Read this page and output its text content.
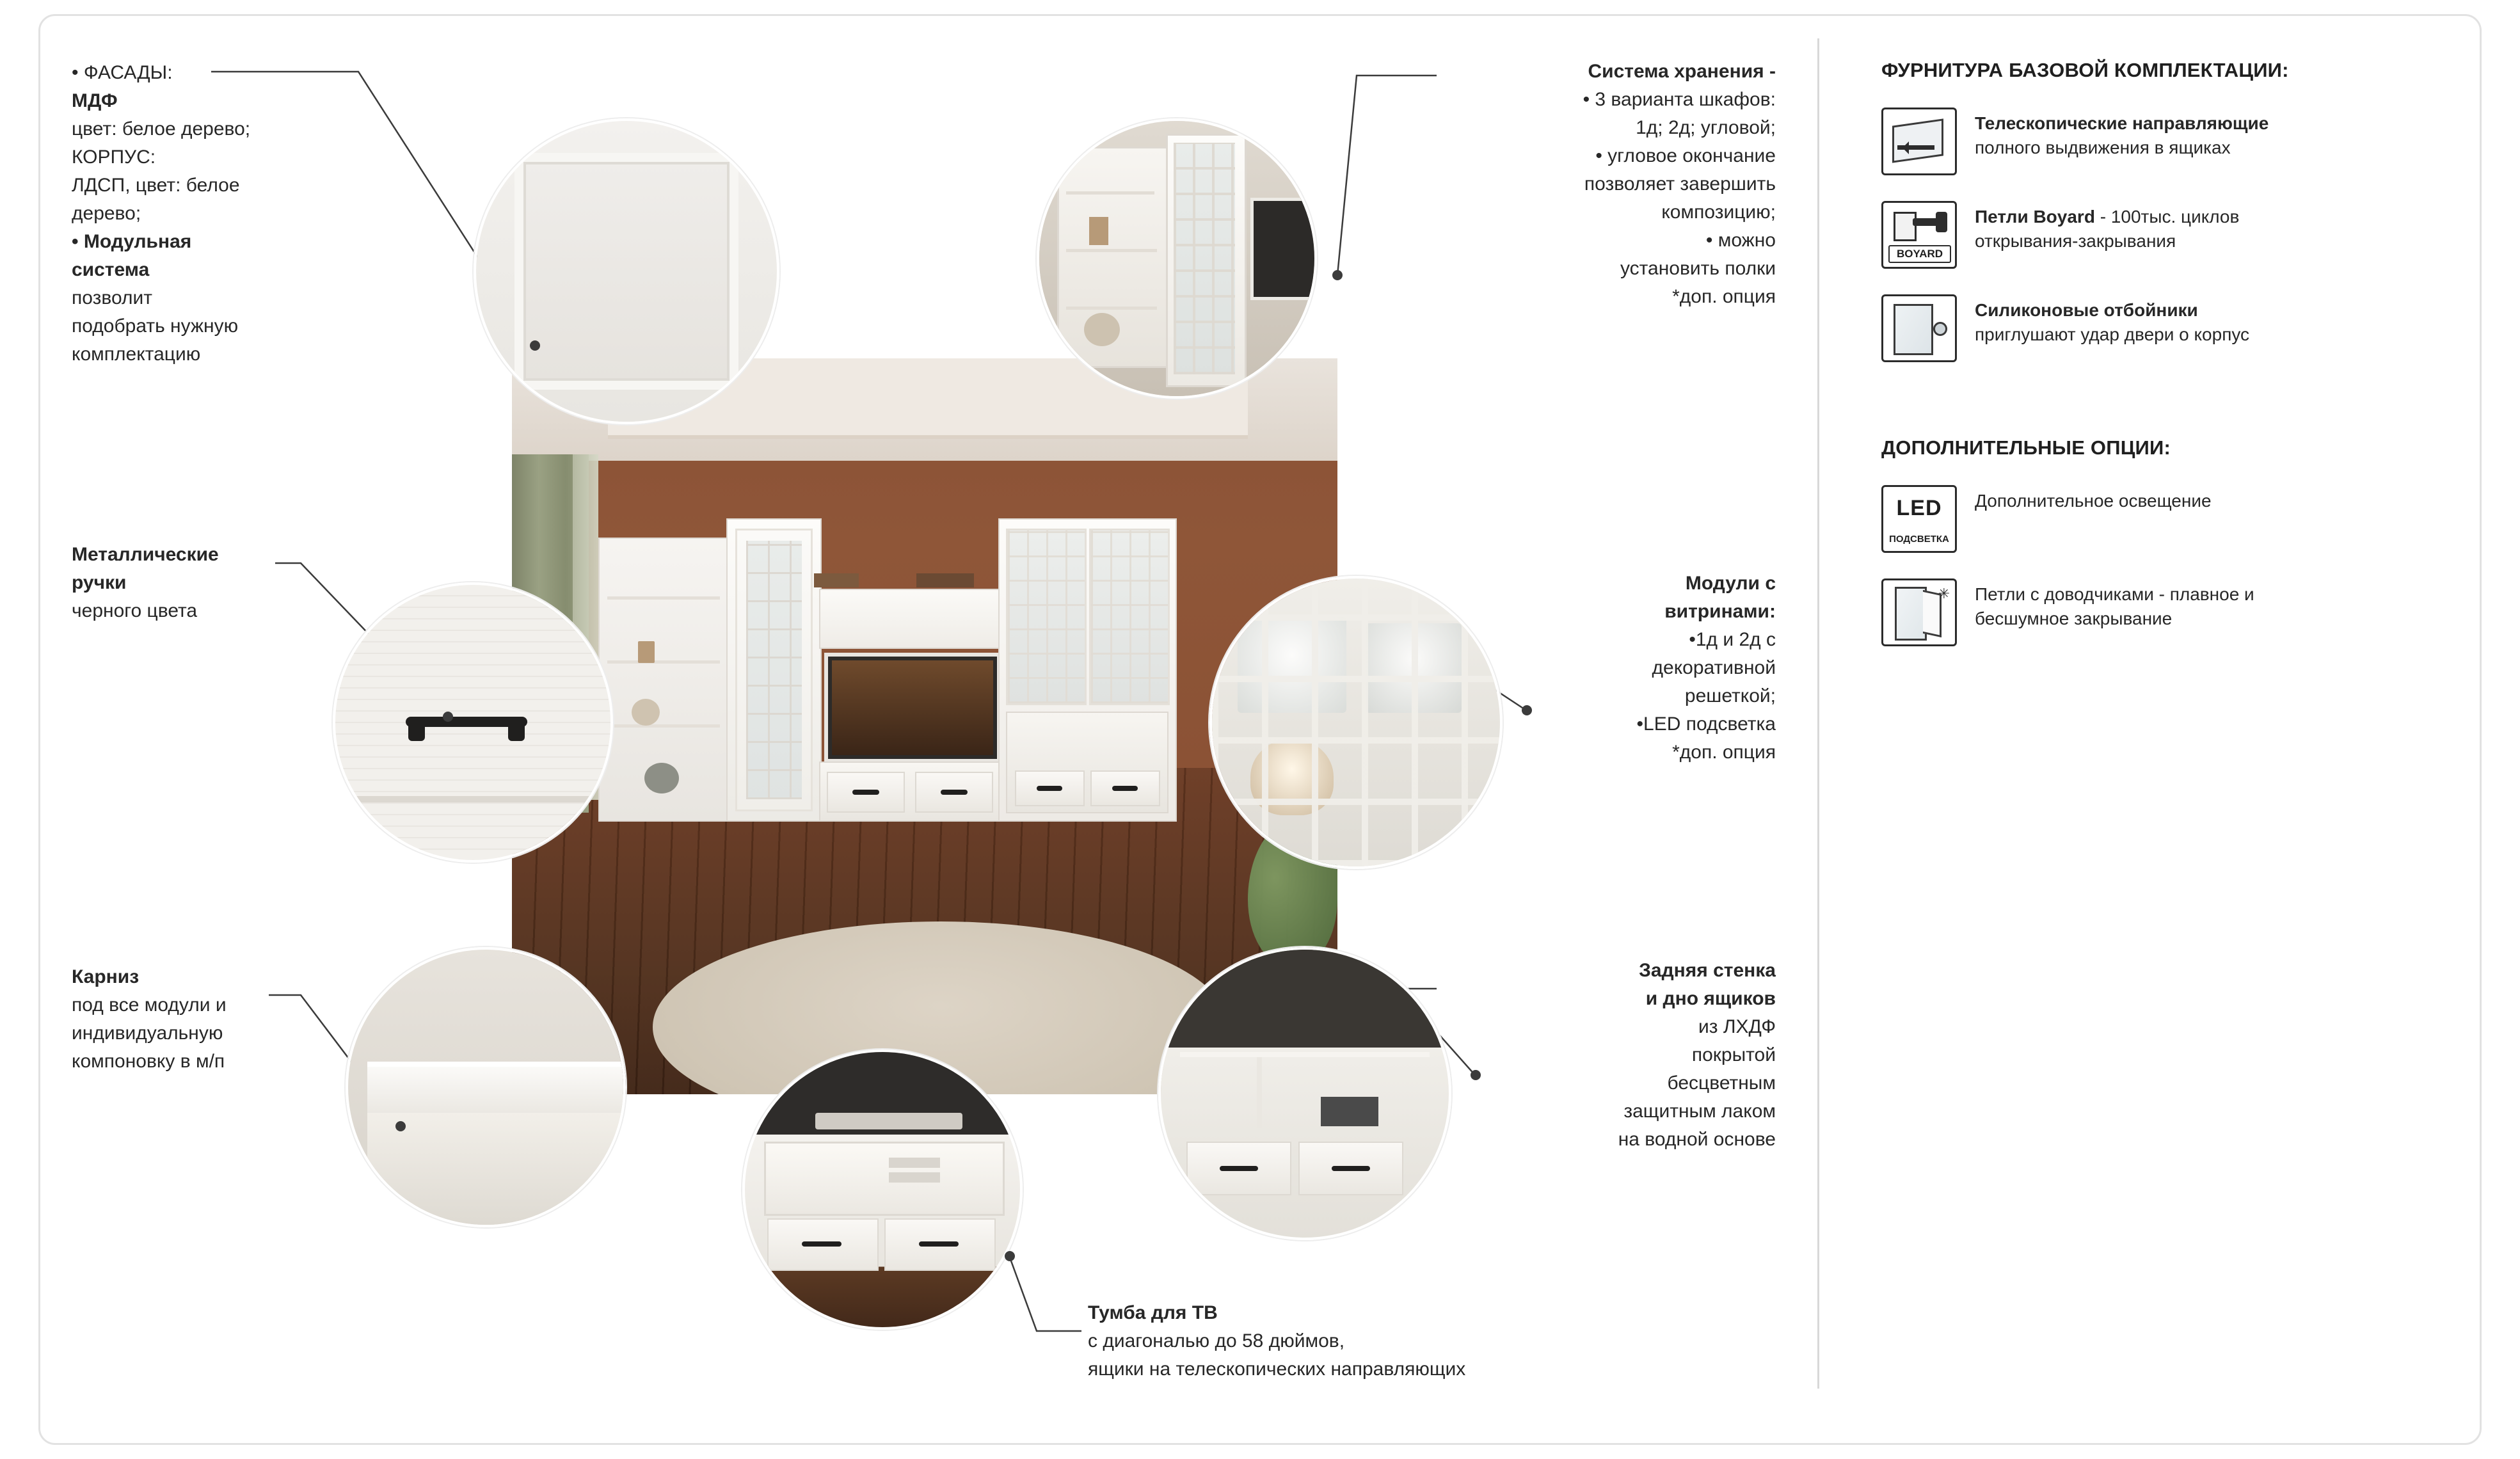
• ФАСАДЫ:
МДФ
цвет: белое дерево;
КОРПУС:
ЛДСП, цвет: белое
дерево;
• Модульная
система
позволит
подобрать нужную
комплектацию
Металлические
ручки
черного цвета
Карниз
под все модули и
индивидуальную
компоновку в м/п
Система хранения -
• 3 варианта шкафов:
1д; 2д; угловой;
• угловое окончание
позволяет завершить
композицию;
• можно
установить полки
*доп. опция
Модули с
витринами:
•1д и 2д с
декоративной
решеткой;
•LED подсветка
*доп. опция
Задняя стенка
и дно ящиков
из ЛХДФ
покрытой
бесцветным
защитным лаком
на водной основе
Тумба для ТВ
с диагональю до 58 дюймов,
ящики на телескопических направляющих
ФУРНИТУРА БАЗОВОЙ КОМПЛЕКТАЦИИ:
Телескопические направляющие
полного выдвижения в ящиках
BOYARD
Петли Boyard - 100тыс. циклов
открывания-закрывания
Силиконовые отбойники
приглушают удар двери о корпус
ДОПОЛНИТЕЛЬНЫЕ ОПЦИИ:
LED
ПОДСВЕТКА
Дополнительное освещение
✳ Петли с доводчиками - плавное и
бесшумное закрывание
